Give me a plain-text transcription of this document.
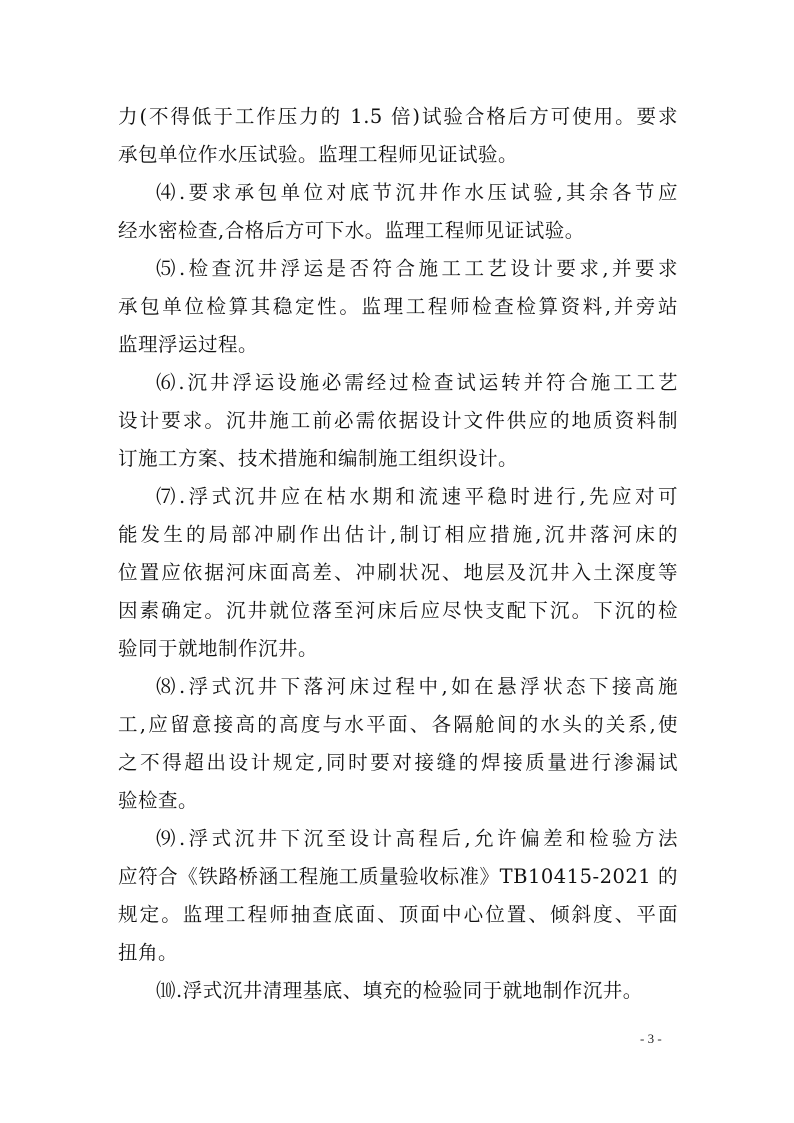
力(不得低于工作压力的 1.5 倍)试验合格后方可使用。要求
承包单位作水压试验。监理工程师见证试验。
⑷.要求承包单位对底节沉井作水压试验,其余各节应
经水密检查,合格后方可下水。监理工程师见证试验。
⑸.检查沉井浮运是否符合施工工艺设计要求,并要求
承包单位检算其稳定性。监理工程师检查检算资料,并旁站
监理浮运过程。
⑹.沉井浮运设施必需经过检查试运转并符合施工工艺
设计要求。沉井施工前必需依据设计文件供应的地质资料制
订施工方案、技术措施和编制施工组织设计。
⑺.浮式沉井应在枯水期和流速平稳时进行,先应对可
能发生的局部冲刷作出估计,制订相应措施,沉井落河床的
位置应依据河床面高差、冲刷状况、地层及沉井入土深度等
因素确定。沉井就位落至河床后应尽快支配下沉。下沉的检
验同于就地制作沉井。
⑻.浮式沉井下落河床过程中,如在悬浮状态下接高施
工,应留意接高的高度与水平面、各隔舱间的水头的关系,使
之不得超出设计规定,同时要对接缝的焊接质量进行渗漏试
验检查。
⑼.浮式沉井下沉至设计高程后,允许偏差和检验方法
应符合《铁路桥涵工程施工质量验收标准》TB10415-2021 的
规定。监理工程师抽查底面、顶面中心位置、倾斜度、平面
扭角。
⑽.浮式沉井清理基底、填充的检验同于就地制作沉井。
- 3 -
